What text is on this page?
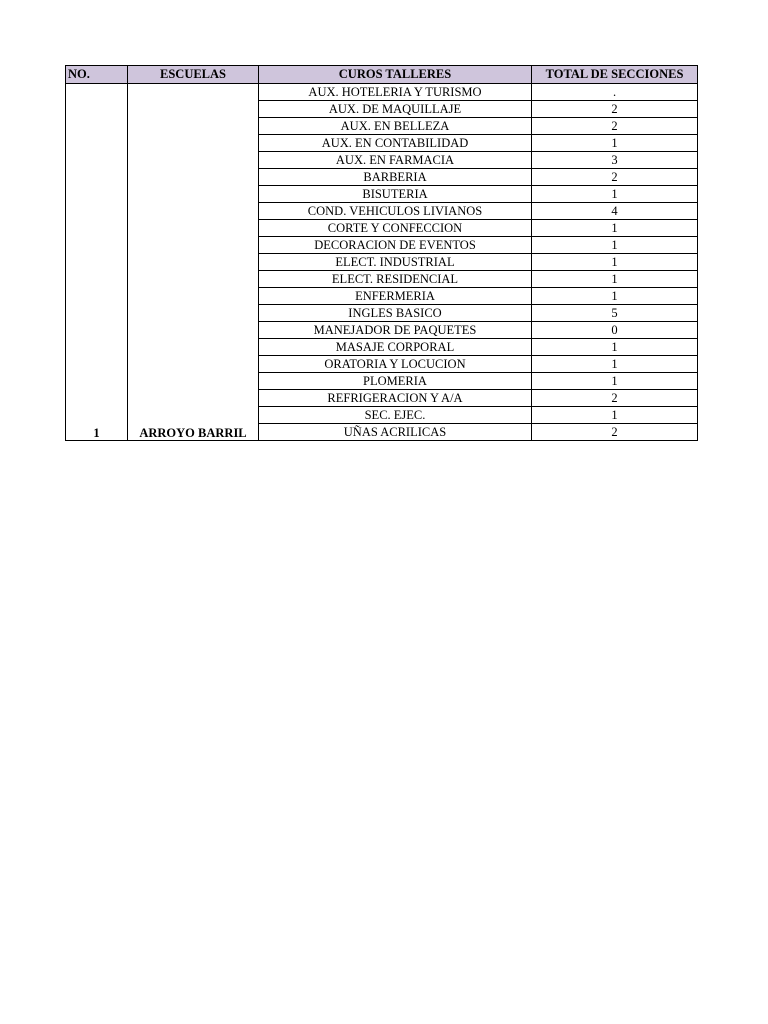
NO.	ESCUELAS	CUROS TALLERES	TOTAL DE SECCIONES
1	ARROYO BARRIL	AUX. HOTELERIA Y TURISMO	.
		AUX. DE MAQUILLAJE	2
		AUX. EN BELLEZA	2
		AUX. EN CONTABILIDAD	1
		AUX. EN FARMACIA	3
		BARBERIA	2
		BISUTERIA	1
		COND. VEHICULOS LIVIANOS	4
		CORTE Y CONFECCION	1
		DECORACION DE EVENTOS	1
		ELECT. INDUSTRIAL	1
		ELECT. RESIDENCIAL	1
		ENFERMERIA	1
		INGLES BASICO	5
		MANEJADOR DE PAQUETES	0
		MASAJE CORPORAL	1
		ORATORIA Y LOCUCION	1
		PLOMERIA	1
		REFRIGERACION Y A/A	2
		SEC. EJEC.	1
		UÑAS ACRILICAS	2
